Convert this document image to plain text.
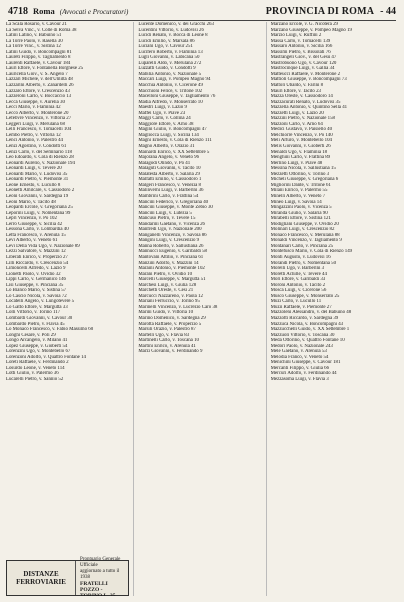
4718 Roma (Avvocati e Procuratori)	PROVINCIA DI ROMA - 44
La Scala Rosario, v. Cavour 21
La Selva Vinc., v. Colle di Roma 38
Latini Latino, v. Babuino 51
La Torre Paolo, v. Rasella 30
La Torre Vinc., v. Sistina 12
Latini Guido, v. Boncompagni 81
Laureti Filippo, v. Tagliamento 8
Laurenti Raffaele, v. Cavour 184
Lauri Ettore, v. Fontanella Borghese 25
Lauricella Giov., v. S. Angelo 7
Lazzari Michele, v. dell'Umiltà 48
Lazzarini Alberto, v. Zanardelli 26
Lazzaro Ettore, v. Crescenzio 43
Lazzeroni Carlo, v. Boccaccio 13
Lecca Giuseppe, v. Aurelia 30
Lecci Mario, v. Flaminia 42
Lecco Alberto, v. Monterone 20
Lefebvre Vincenzo, v. Vittoria 27
Leggeri Luigi, v. Merulana 68
Lelli Francesco, v. Tomacelli 104
Lembo Pietro, v. Vittoria 12
Lenci Antonio, v. Palestro 44
Lenzi Agostino, v. Condotti 61
Lenzi Carlo, v. del Seminario 118
Leo Edoardo, v. Cola di Rienzo 28
Leonardi Aurelio, v. Nazionale 194
Leonardi Luigi, v. Tevere 20
Leonardi Mario, v. Ludovisi 35
Leonardi Pietro, v. Piemonte 31
Leone Ernesto, v. Lucullo 8
Leonetti Amilcare, v. Cassiodoro 2
Leoni Giovanni, v. Sardegna 19
Leoni Mario, v. Tacito 48
Leopardi Ercole, v. Gregoriana 25
Leporini Luigi, v. Nomentana 99
Lepri Vincenzo, v. Po 102
Lerro Giuseppe, v. Sicilia 42
Lessona Carlo, v. Lombardia 40
Letta Francesco, v. Arenula 15
Levi Alberto, v. Veneto 61
Levi Della Vida Ugo, v. Nazionale 89
Lezzi Salvatore, v. Mazzini 12
Liberati Enrico, v. Properzio 27
Lilli Riccardo, v. Crescenzio 54
Limoncelli Alfredo, v. Lazio 9
Lionetti Paolo, v. Ovidio 32
Lippi Carlo, v. Germanico 146
Lisi Giuseppe, v. Pinciana 35
Lo Bianco Mario, v. Sistina 57
Lo Cascio Nicola, v. Savoia 72
Locatelli Angelo, v. Lungotevere 5
Lo Gatto Ettore, v. Margutta 33
Lolli Vittorio, v. Torino 117
Lombardi Giovanni, v. Cavour 30
Lombardo Pietro, v. Flavia 45
Lo Monaco Francesco, v. Fabio Massimo 60
Longhi Cesare, v. Poli 29
Longo Arcangelo, v. Milano 41
Lopez Giuseppe, v. Gioberti 54
Lorenzini Ugo, v. Montebello 67
Lorenzoni Adolfo, v. Quattro Fontane 14
Loreti Raffaele, v. Ferdinando 2
Losurdo Leone, v. Veneto 114
Lotti Giulio, v. Palermo 36
Lucarelli Pietro, v. Sannio 52
DISTANZE FERROVIARIE
Prontuario Generale Ufficiale
aggiornato a tutto il 1938
FRATELLI POZZO - TORINO L. 35
Lucente Domenico, v. dei Gracchi 263
Lucentini Vittorio, v. Ludovisi 26
Lucidi Renato, v. Bocca di Leone 8
Lucidi Emilio, v. Marsala 86
Luciani Ugo, v. Cavour 251
Lucifero Roberto, v. Flaminia 13
Lugli Giovanni, v. Labicana 50
Luparelli Aldo, v. Merulana 272
Luzzatti Guido, v. Condotti 9
Mabilia Antonio, v. Nazionale 5
Maccari Luigi, v. Pompeo Magno 94
Macchia Antonio, v. Cicerone 49
Macchioni Felice, v. Tritone 102
Macelloni Giuseppe, v. Tagliamento 76
Madia Alfredo, v. Monserrato 10
Maestri Luigi, v. Lazio 9
Maffei Ugo, v. Piave 23
Maggi Carlo, v. Collina 24
Maggiore Ettore, v. Arno 38
Magini Giulio, v. Boncompagni 47
Magliocca Luigi, v. Sicilia 134
Magni Ernesto, v. Cola di Rienzo 111
Magno Alberto, v. Orazio 31
Mainardi Enrico, v. XX Settembre 5
Majorana Angelo, v. Veneto 96
Malagodi Olindo, v. Po 41
Malaguti Giovanni, v. Tacito 10
Malatesta Alberto, v. Salaria 29
Malfatti Emilio, v. Cassiodoro 1
Malgeri Francesco, v. Venezia 8
Malinverni Luigi, v. Barberini 36
Mambrini Carlo, v. Frattina 54
Mancini Federico, v. Gregoriana 40
Mancini Giuseppe, v. Monte Zebio 30
Mancini Luigi, v. Lutezia 5
Mancuso Pietro, v. Tevere 15
Mandarini Gaetano, v. Vicenza 26
Manfredi Ugo, v. Nazionale 200
Manganelli Vincenzo, v. Savoia 86
Mangini Luigi, v. Crescenzio 9
Manna Roberto, v. Sallustiana 26
Mannucci Eugenio, v. Garibaldi 58
Mantovani Attilio, v. Pinciana 61
Manzini Adolfo, v. Mazzini 14
Maraini Antonio, v. Piemonte 102
Marani Pietro, v. Ovidio 10
Marcelli Giuseppe, v. Margutta 51
Marchesi Luigi, v. Giulia 128
Marchetti Oreste, v. Cesi 21
Marcucci Nazzareno, v. Paola 12
Mariani Ferruccio, v. Torino 95
Marinelli Vincenzo, v. Lucrezio Caro 38
Marini Guido, v. Vittoria 10
Marino Domenico, v. Sardegna 29
Marotta Raffaele, v. Properzio 5
Marsili Orazio, v. Palestro 87
Martelli Ugo, v. Flavia 83
Martinelli Carlo, v. Toscana 10
Martini Enrico, v. Arenula 41
Marzi Giovanni, v. Ferdinando 9
Marzano Ercole, v. G. Nicotera 29
Marzano Giuseppe, v. Pompeo Magno 19
Marzio Luigi, v. Ruffini 2
Massa Carlo, v. Tomacelli 139
Massaro Antonio, v. Sicilia 166
Massimi Pietro, v. Bissolati 76
Mastrangeli Giov., v. del Gesù 47
Mastrobuono Ugo, v. Cavour 120
Mastrocinque Luigi, v. Gallia 34
Matteucci Raffaele, v. Monterone 2
Mattioli Giuseppe, v. Boncompagni 73
Mattoli Ubaldo, v. Farini 8
Mauri Ettore, v. Tacito 23
Mazza Oreste, v. Cassiodoro 14
Mazzacurati Renato, v. Ludovisi 35
Mazzella Antonio, v. Quintino Sella 41
Mazzetti Luigi, v. Lazio 20
Mazzini Pietro, v. Nazionale 158
Mazzoni Carlo, v. Arno 64
Medici Gustavo, v. Paisiello 40
Melchiorre Vincenzo, v. Po 140
Meli Arturo, v. Montebello 104
Melis Giovanni, v. Gioberti 26
Menaldi Ugo, v. Flaminia 18
Menghini Carlo, v. Frattina 89
Merlino Luigi, v. Piave 48
Messina Nicola, v. Sallustiana 15
Mezzetti Ottorino, v. Torino 3
Micheli Giuseppe, v. Gregoriana 6
Migliorini Dante, v. Tritone 61
Milani Enrico, v. Palermo 55
Minelli Alberto, v. Veneto 7
Mineo Luigi, v. Savoia 14
Mingazzini Paolo, v. Vicenza 5
Miranda Giulio, v. Salaria 90
Mirabelli Ettore, v. Sistina 121
Modigliani Giuseppe, v. Ovidio 20
Molinari Luigi, v. Crescenzio 82
Monaco Francesco, v. Merulana 88
Monaldi Vincenzo, v. Tagliamento 9
Montanari Carlo, v. Pinciana 25
Montefusco Mario, v. Cola di Rienzo 149
Monti Augusto, v. Ludovisi 16
Morandi Pietro, v. Nomentana 50
Morelli Ugo, v. Barberini 3
Moretti Achille, v. Tevere 44
Mori Ettore, v. Garibaldi 33
Moroni Antonio, v. Tacito 2
Mosca Luigi, v. Cicerone 56
Musco Giuseppe, v. Monserrato 25
Muzi Carlo, v. Lucullo 11
Muzii Raffaele, v. Piemonte 27
Mazzoleni Alessandro, v. del Babuino 48
Mazzotti Riccardo, v. Sardegna 39
Mazzuca Nicola, v. Boncompagni 43
Mazzucchelli Guido, v. XX Settembre 1
Mazzuoli Vittorio, v. Toscana 30
Meda Ottorino, v. Quattro Fontane 10
Medori Paolo, v. Nazionale 243
Mele Gaetano, v. Arenula 53
Melodia Franco, v. Veneto 54
Menichini Giuseppe, v. Cavour 181
Mercanti Filippo, v. Giulia 66
Mercuri Adolfo, v. Ferdinando 44
Mezzasoma Luigi, v. Flavia 3
